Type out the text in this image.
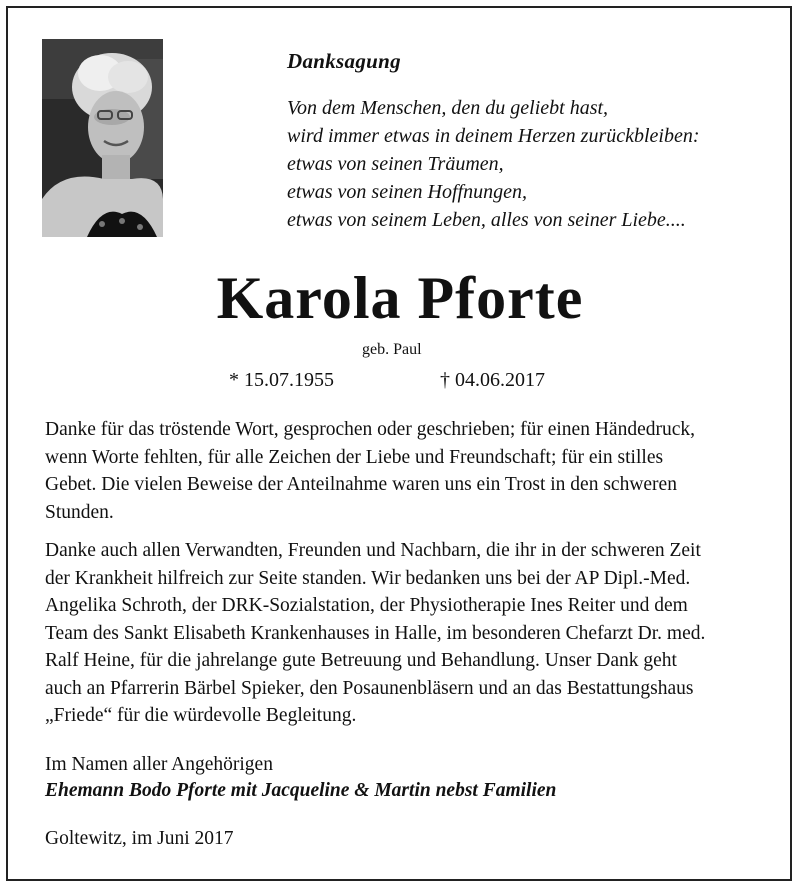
Danksagung
Von dem Menschen, den du geliebt hast,
wird immer etwas in deinem Herzen zurückbleiben:
etwas von seinen Träumen,
etwas von seinen Hoffnungen,
etwas von seinem Leben, alles von seiner Liebe....
Karola Pforte
geb. Paul
* 15.07.1955	† 04.06.2017
Danke für das tröstende Wort, gesprochen oder geschrieben; für einen Händedruck,
wenn Worte fehlten, für alle Zeichen der Liebe und Freundschaft; für ein stilles
Gebet. Die vielen Beweise der Anteilnahme waren uns ein Trost in den schweren
Stunden.
Danke auch allen Verwandten, Freunden und Nachbarn, die ihr in der schweren Zeit
der Krankheit hilfreich zur Seite standen. Wir bedanken uns bei der AP Dipl.-Med.
Angelika Schroth, der DRK-Sozialstation, der Physiotherapie Ines Reiter und dem
Team des Sankt Elisabeth Krankenhauses in Halle, im besonderen Chefarzt Dr. med.
Ralf Heine, für die jahrelange gute Betreuung und Behandlung. Unser Dank geht
auch an Pfarrerin Bärbel Spieker, den Posaunenbläsern und an das Bestattungshaus
„Friede“ für die würdevolle Begleitung.
Im Namen aller Angehörigen
Ehemann Bodo Pforte mit Jacqueline & Martin nebst Familien
Goltewitz, im Juni 2017
